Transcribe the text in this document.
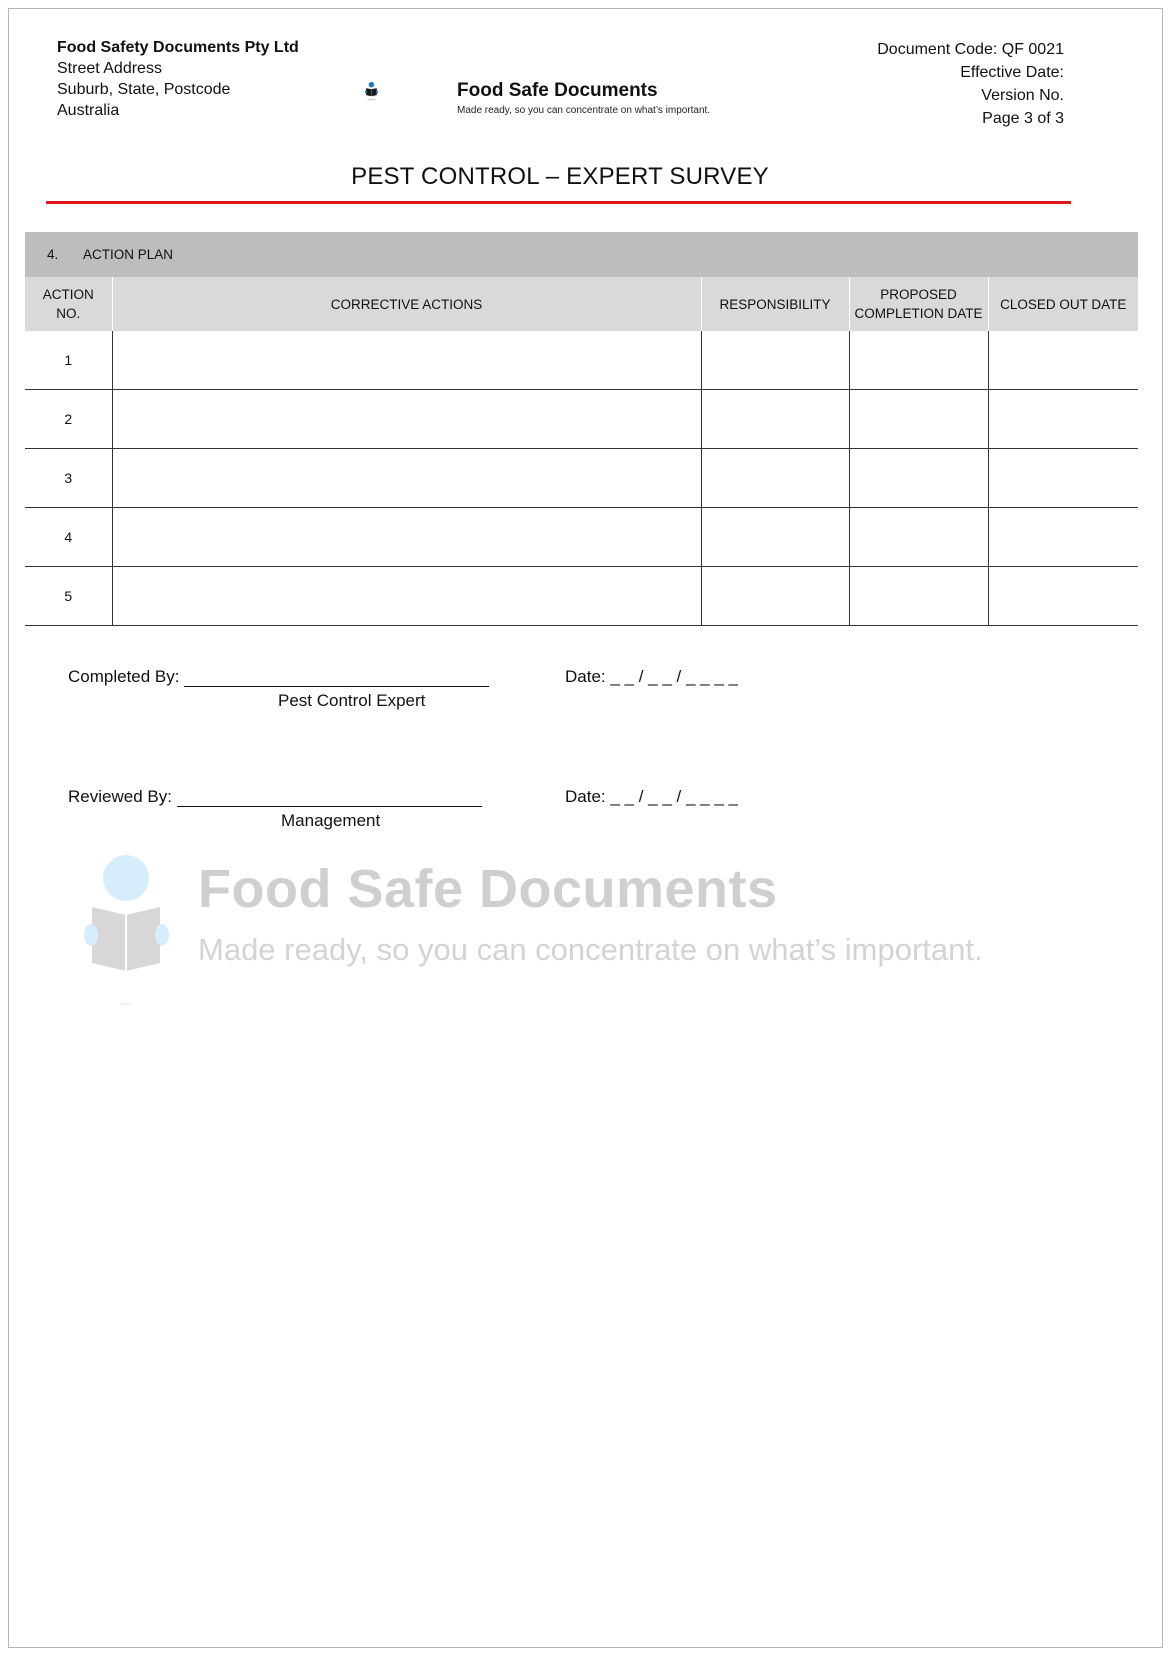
Food Safety Documents Pty Ltd
Street Address
Suburb, State, Postcode
Australia
Food Safe Documents
Made ready, so you can concentrate on what’s important.
Document Code: QF 0021
Effective Date:
Version No.
Page 3 of 3
PEST CONTROL – EXPERT SURVEY
4. ACTION PLAN				
ACTION NO.	CORRECTIVE ACTIONS	RESPONSIBILITY	PROPOSED COMPLETION DATE	CLOSED OUT DATE
1				
2				
3				
4				
5				
Completed By:
Pest Control Expert
Date: _ _ / _ _ / _ _ _ _
Reviewed By:
Management
Date: _ _ / _ _ / _ _ _ _
Food Safe Documents
Made ready, so you can concentrate on what’s important.
